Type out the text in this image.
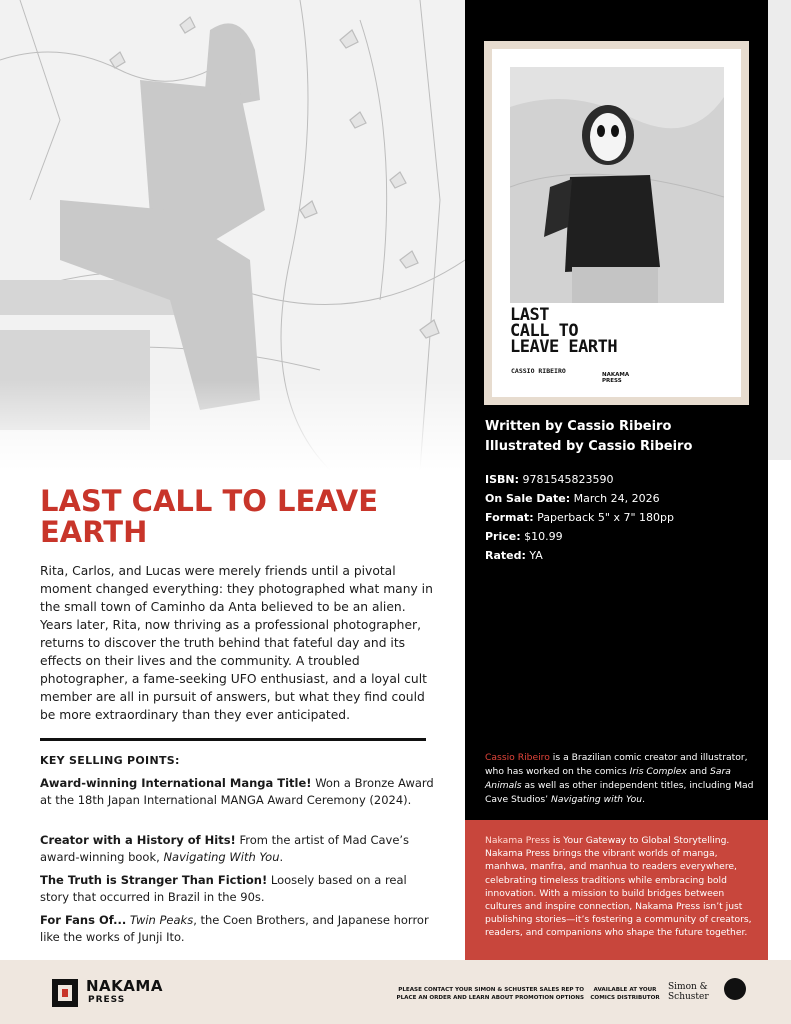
LAST
CALL TO
LEAVE EARTH
CASSIO RIBEIRO	NAKAMA
PRESS
Written by Cassio Ribeiro
Illustrated by Cassio Ribeiro
ISBN: 9781545823590
On Sale Date: March 24, 2026
Format: Paperback 5" x 7" 180pp
Price: $10.99
Rated: YA
Cassio Ribeiro is a Brazilian comic creator and illustrator, who has worked on the comics Iris Complex and Sara Animals as well as other independent titles, including Mad Cave Studios’ Navigating with You.
Nakama Press is Your Gateway to Global Storytelling. Nakama Press brings the vibrant worlds of manga, manhwa, manfra, and manhua to readers everywhere, celebrating timeless traditions while embracing bold innovation. With a mission to build bridges between cultures and inspire connection, Nakama Press isn’t just publishing stories—it’s fostering a community of creators, readers, and companions who shape the future together.
LAST CALL TO LEAVE EARTH
Rita, Carlos, and Lucas were merely friends until a pivotal moment changed everything: they photographed what many in the small town of Caminho da Anta believed to be an alien. Years later, Rita, now thriving as a professional photographer, returns to discover the truth behind that fateful day and its effects on their lives and the community. A troubled photographer, a fame-seeking UFO enthusiast, and a loyal cult member are all in pursuit of answers, but what they find could be more extraordinary than they ever anticipated.
KEY SELLING POINTS:
Award-winning International Manga Title! Won a Bronze Award at the 18th Japan International MANGA Award Ceremony (2024).
Creator with a History of Hits! From the artist of Mad Cave’s award-winning book, Navigating With You.
The Truth is Stranger Than Fiction! Loosely based on a real story that occurred in Brazil in the 90s.
For Fans Of... Twin Peaks, the Coen Brothers, and Japanese horror like the works of Junji Ito.
NAKAMA
PRESS
PLEASE CONTACT YOUR SIMON & SCHUSTER SALES REP TO
PLACE AN ORDER AND LEARN ABOUT PROMOTION OPTIONS
AVAILABLE AT YOUR
COMICS DISTRIBUTOR
Simon &
Schuster
